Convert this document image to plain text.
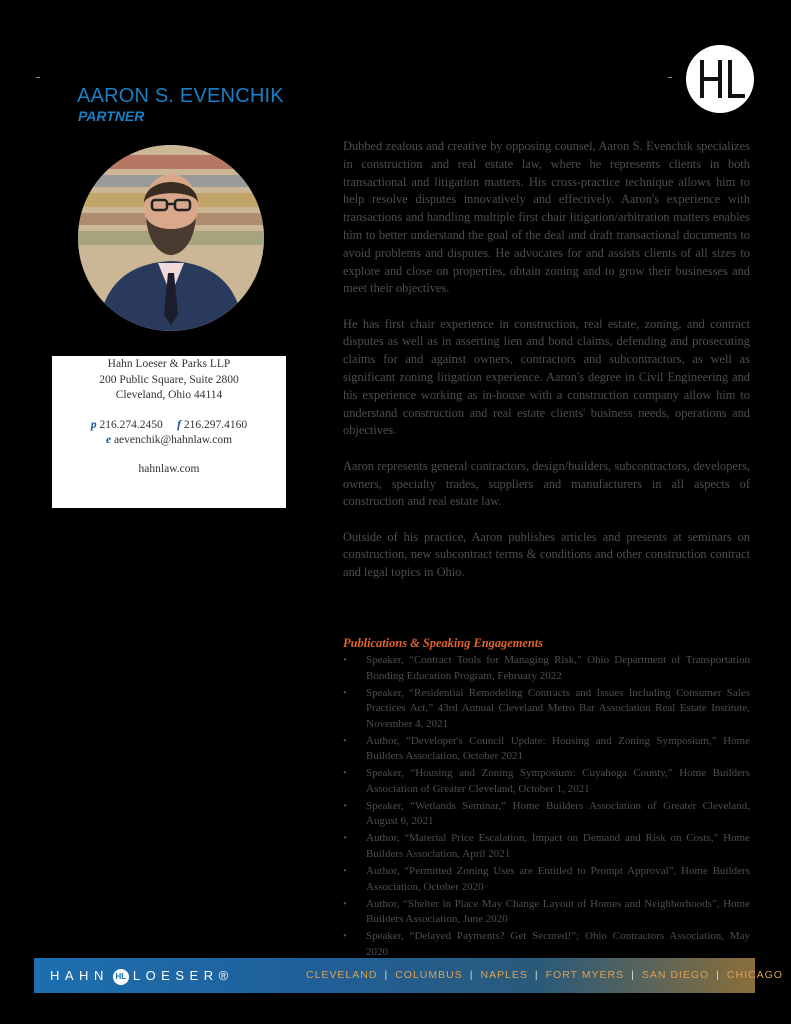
AARON S. EVENCHIK
PARTNER
Hahn Loeser & Parks LLP
200 Public Square, Suite 2800
Cleveland, Ohio 44114
p 216.274.2450 f 216.297.4160
e aevenchik@hahnlaw.com
hahnlaw.com

Dubbed zealous and creative by opposing counsel, Aaron S. Evenchik specializes in construction and real estate law, where he represents clients in both transactional and litigation matters. His cross-practice technique allows him to help resolve disputes innovatively and effectively. Aaron's experience with transactions and handling multiple first chair litigation/arbitration matters enables him to better understand the goal of the deal and draft transactional documents to avoid problems and disputes. He advocates for and assists clients of all sizes to explore and close on properties, obtain zoning and to grow their businesses and meet their objectives.

He has first chair experience in construction, real estate, zoning, and contract disputes as well as in asserting lien and bond claims, defending and prosecuting claims for and against owners, contractors and subcontractors, as well as significant zoning litigation experience. Aaron's degree in Civil Engineering and his experience working as in-house with a construction company allow him to understand construction and real estate clients' business needs, operations and objectives.

Aaron represents general contractors, design/builders, subcontractors, developers, owners, specialty trades, suppliers and manufacturers in all aspects of construction and real estate law.

Outside of his practice, Aaron publishes articles and presents at seminars on construction, new subcontract terms & conditions and other construction contract and legal topics in Ohio.

Publications & Speaking Engagements
• Speaker, “Contract Tools for Managing Risk,” Ohio Department of Transportation Bonding Education Program, February 2022
• Speaker, “Residential Remodeling Contracts and Issues Including Consumer Sales Practices Act,” 43rd Annual Cleveland Metro Bar Association Real Estate Institute, November 4, 2021
• Author, “Developer's Council Update: Housing and Zoning Symposium,” Home Builders Association, October 2021
• Speaker, “Housing and Zoning Symposium: Cuyahoga County,” Home Builders Association of Greater Cleveland, October 1, 2021
• Speaker, “Wetlands Seminar,” Home Builders Association of Greater Cleveland, August 6, 2021
• Author, “Material Price Escalation, Impact on Demand and Risk on Costs,” Home Builders Association, April 2021
• Author, “Permitted Zoning Uses are Entitled to Prompt Approval”, Home Builders Association, October 2020
• Author, “Shelter in Place May Change Layout of Homes and Neighborhoods”, Home Builders Association, June 2020
• Speaker, “Delayed Payments? Get Secured!”; Ohio Contractors Association, May 2020
HAHN HL LOESER®	CLEVELAND | COLUMBUS | NAPLES | FORT MYERS | SAN DIEGO | CHICAGO
